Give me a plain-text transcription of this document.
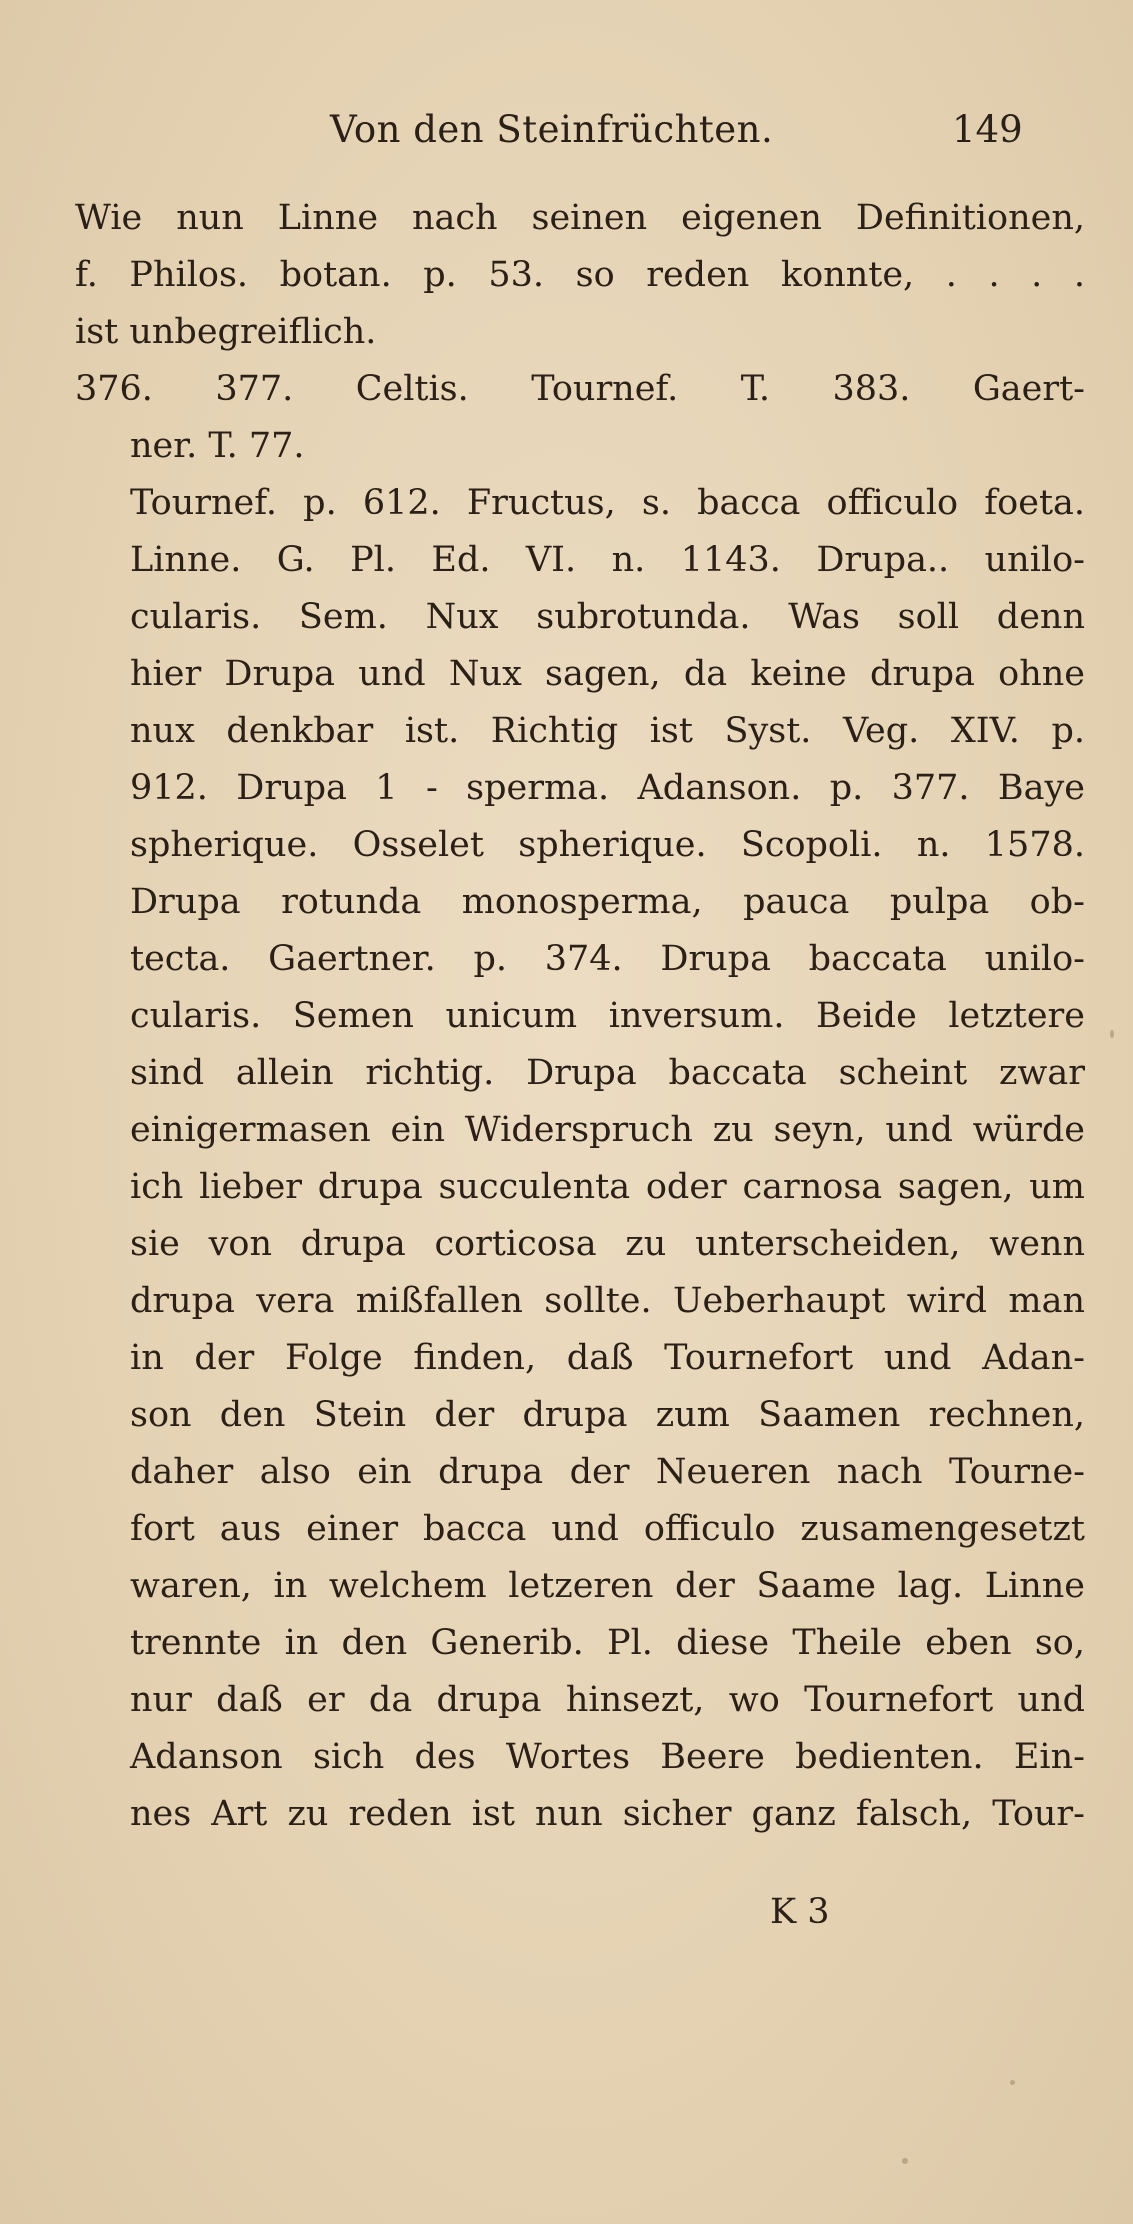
Von den Steinfrüchten.	149
Wie nun Linne nach seinen eigenen Definitionen,
f. Philos. botan. p. 53. so reden konnte, . . . .
ist unbegreiflich.
376. 377. Celtis. Tournef. T. 383. Gaert-
ner. T. 77.
Tournef. p. 612. Fructus, s. bacca officulo foeta.
Linne. G. Pl. Ed. VI. n. 1143. Drupa.. unilo-
cularis. Sem. Nux subrotunda. Was soll denn
hier Drupa und Nux sagen, da keine drupa ohne
nux denkbar ist. Richtig ist Syst. Veg. XIV. p.
912. Drupa 1 - sperma. Adanson. p. 377. Baye
spherique. Osselet spherique. Scopoli. n. 1578.
Drupa rotunda monosperma, pauca pulpa ob-
tecta. Gaertner. p. 374. Drupa baccata unilo-
cularis. Semen unicum inversum. Beide letztere
sind allein richtig. Drupa baccata scheint zwar
einigermasen ein Widerspruch zu seyn, und würde
ich lieber drupa succulenta oder carnosa sagen, um
sie von drupa corticosa zu unterscheiden, wenn
drupa vera mißfallen sollte. Ueberhaupt wird man
in der Folge finden, daß Tournefort und Adan-
son den Stein der drupa zum Saamen rechnen,
daher also ein drupa der Neueren nach Tourne-
fort aus einer bacca und officulo zusamengesetzt
waren, in welchem letzeren der Saame lag. Linne
trennte in den Generib. Pl. diese Theile eben so,
nur daß er da drupa hinsezt, wo Tournefort und
Adanson sich des Wortes Beere bedienten. Ein-
nes Art zu reden ist nun sicher ganz falsch, Tour-
K 3
